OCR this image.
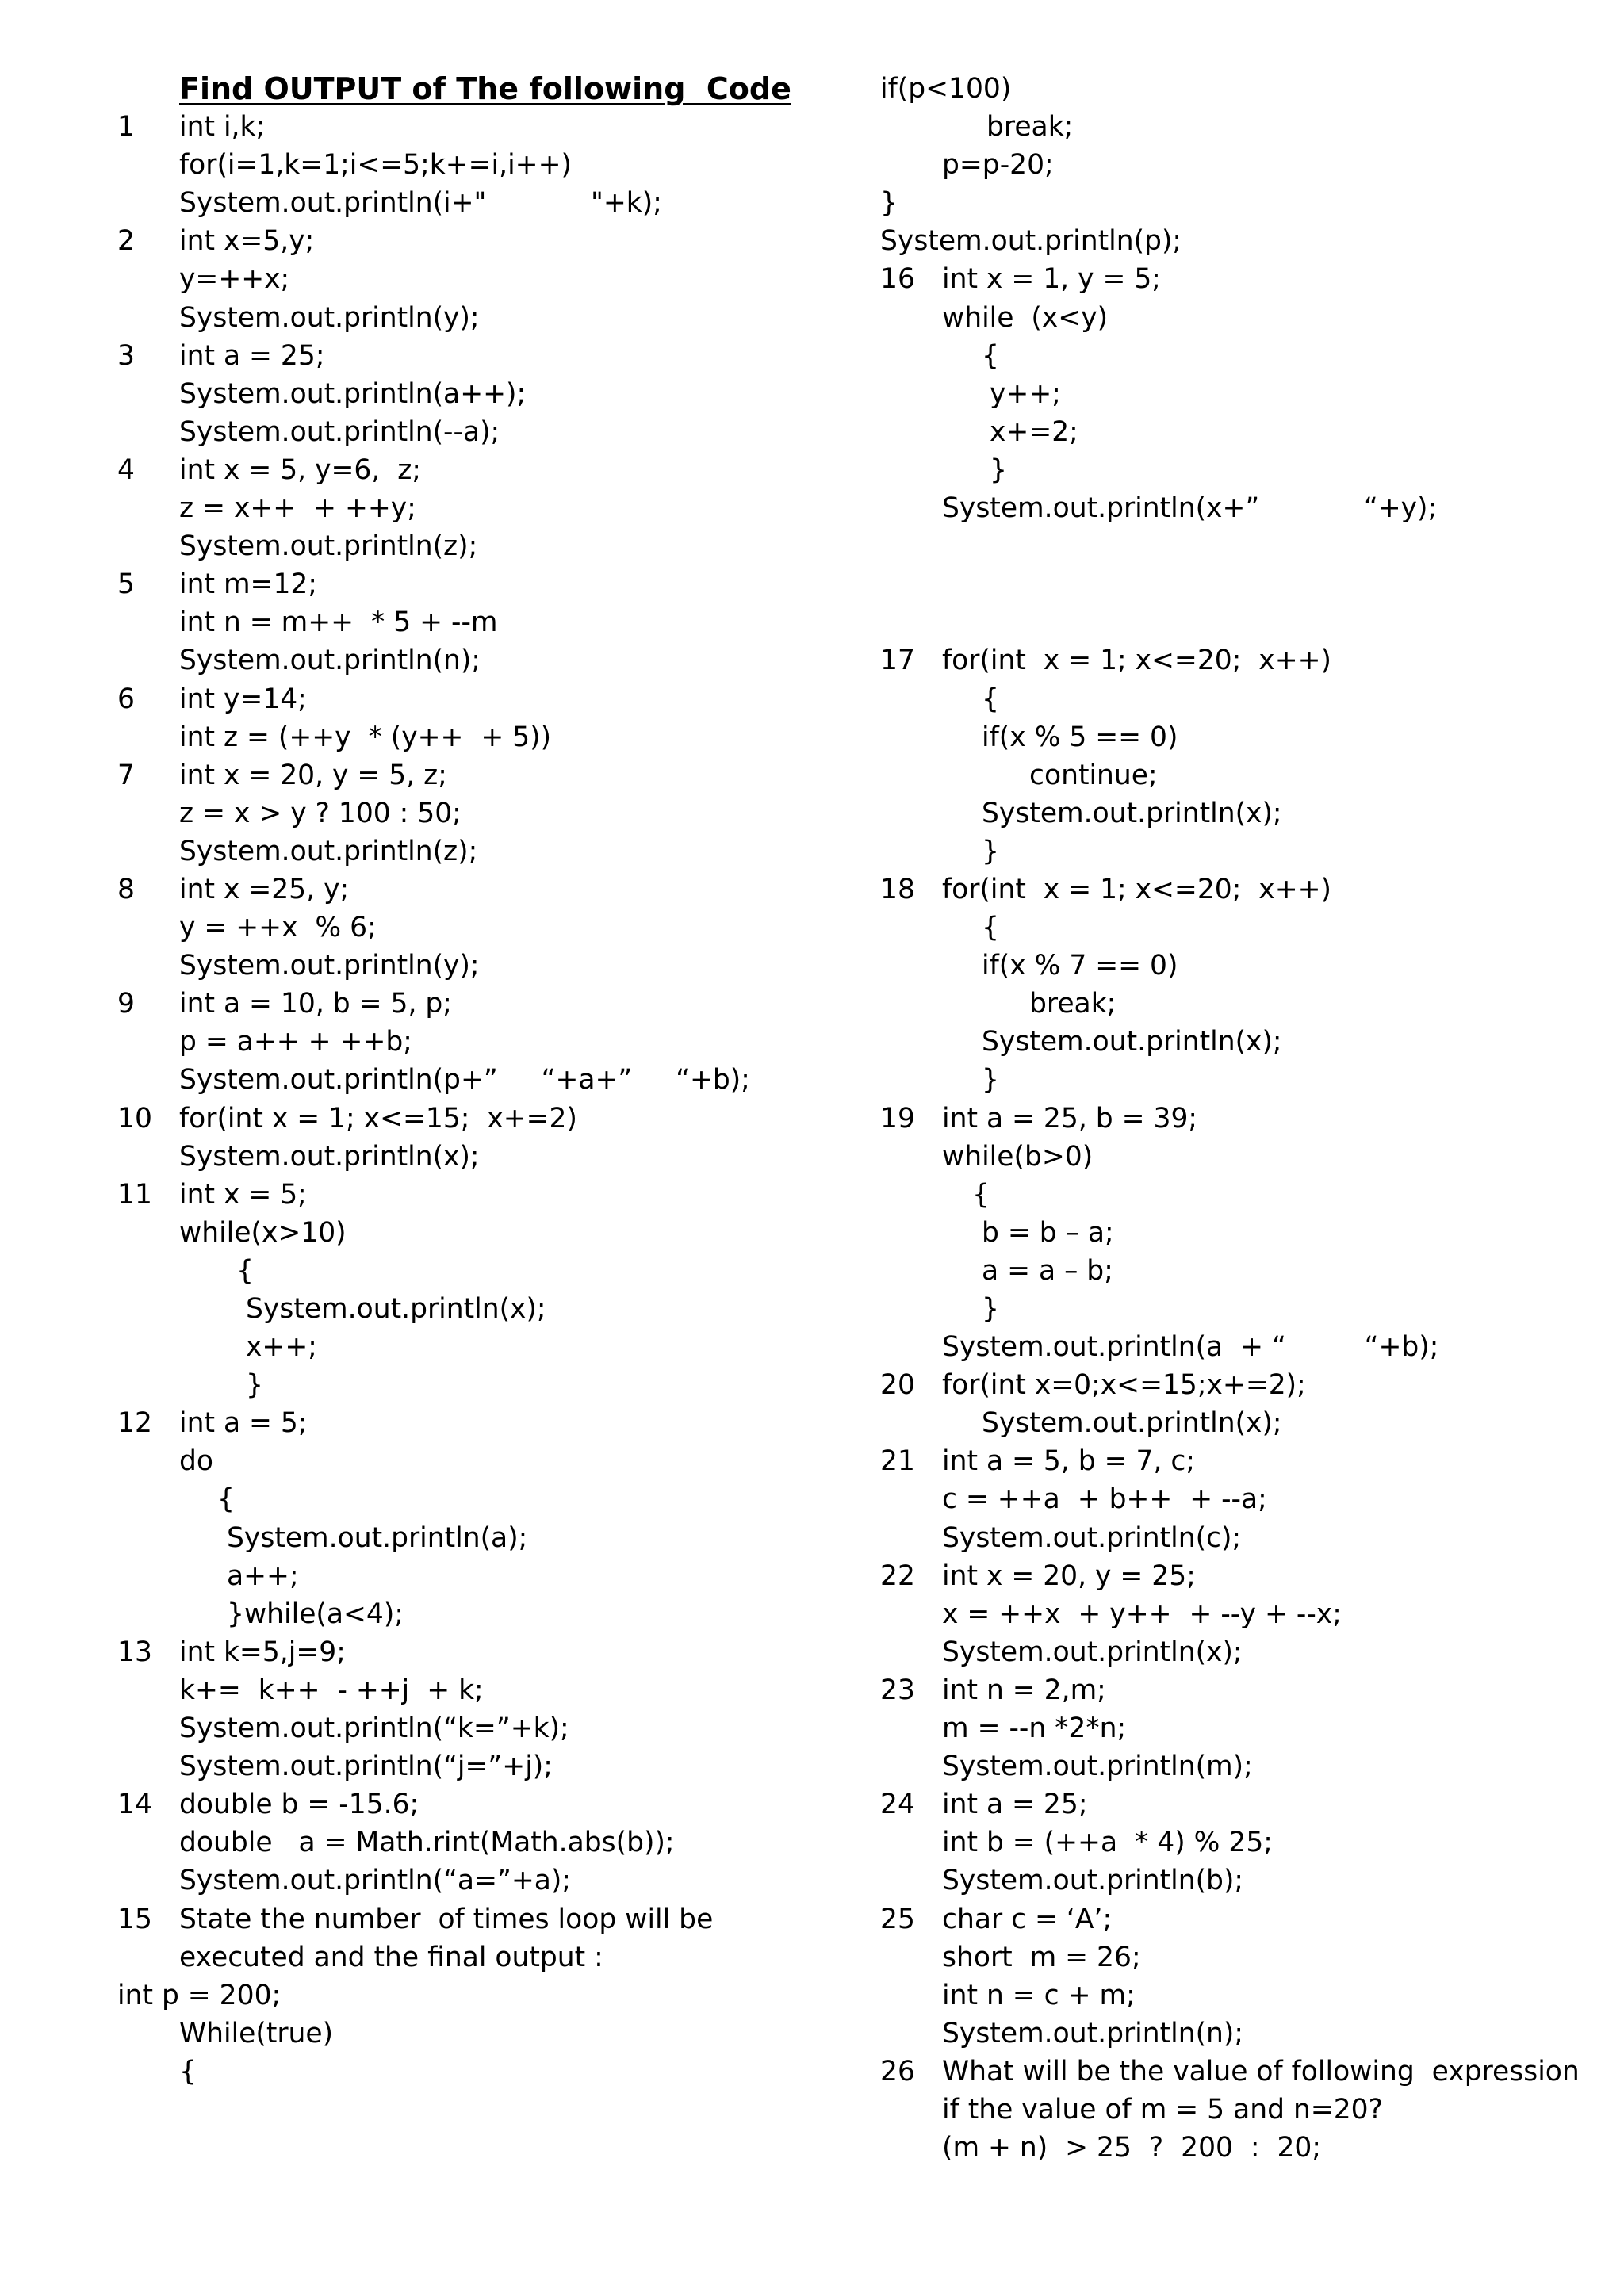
Find OUTPUT of The following  Code

1 int i,k;
for(i=1,k=1;i<=5;k+=i,i++)
System.out.println(i+"            "+k);
2 int x=5,y;
y=++x;
System.out.println(y);
3 int a = 25;
System.out.println(a++);
System.out.println(--a);
4 int x = 5, y=6,  z;
z = x++  + ++y;
System.out.println(z);
5 int m=12;
int n = m++  * 5 + --m
System.out.println(n);
6 int y=14;
int z = (++y  * (y++  + 5))
7 int x = 20, y = 5, z;
z = x > y ? 100 : 50;
System.out.println(z);
8 int x =25, y;
y = ++x  % 6;
System.out.println(y);
9 int a = 10, b = 5, p;
p = a++ + ++b;
System.out.println(p+”     “+a+”     “+b);
10 for(int x = 1; x<=15;  x+=2)
System.out.println(x);
11 int x = 5;
while(x>10)
{
System.out.println(x);
x++;
}
12 int a = 5;
do
{
System.out.println(a);
a++;
}while(a<4);
13 int k=5,j=9;
k+=  k++  - ++j  + k;
System.out.println(“k=”+k);
System.out.println(“j=”+j);
14 double b = -15.6;
double   a = Math.rint(Math.abs(b));
System.out.println(“a=”+a);
15 State the number  of times loop will be
executed and the final output :
int p = 200;
While(true)
{
if(p<100)
break;
p=p-20;
}
System.out.println(p);
16 int x = 1, y = 5;
while  (x<y)
{
y++;
x+=2;
}
System.out.println(x+”            “+y);
17 for(int  x = 1; x<=20;  x++)
{
if(x % 5 == 0)
continue;
System.out.println(x);
}
18 for(int  x = 1; x<=20;  x++)
{
if(x % 7 == 0)
break;
System.out.println(x);
}
19 int a = 25, b = 39;
while(b>0)
{
b = b – a;
a = a – b;
}
System.out.println(a  + “         “+b);
20 for(int x=0;x<=15;x+=2);
System.out.println(x);
21 int a = 5, b = 7, c;
c = ++a  + b++  + --a;
System.out.println(c);
22 int x = 20, y = 25;
x = ++x  + y++  + --y + --x;
System.out.println(x);
23 int n = 2,m;
m = --n *2*n;
System.out.println(m);
24 int a = 25;
int b = (++a  * 4) % 25;
System.out.println(b);
25 char c = ‘A’;
short  m = 26;
int n = c + m;
System.out.println(n);
26 What will be the value of following  expression
if the value of m = 5 and n=20?
(m + n)  > 25  ?  200  :  20;
